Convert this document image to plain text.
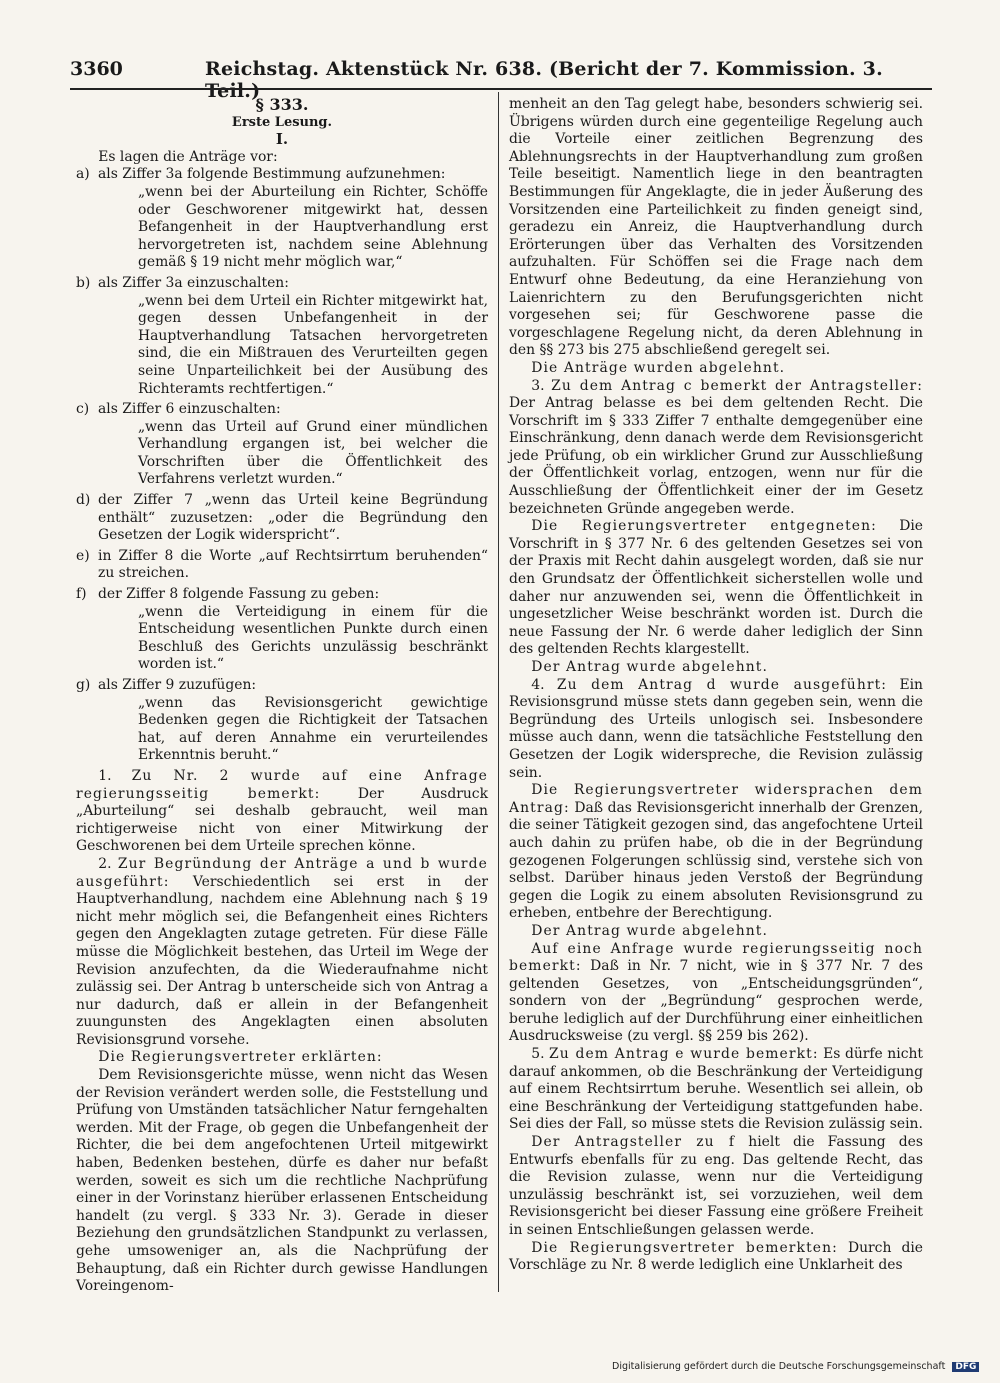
3360	Reichstag. Aktenstück Nr. 638. (Bericht der 7. Kommission. 3. Teil.)

§ 333.

Erste Lesung.

I.

Es lagen die Anträge vor:

a) als Ziffer 3a folgende Bestimmung aufzunehmen:

„wenn bei der Aburteilung ein Richter, Schöffe oder Geschworener mitgewirkt hat, dessen Befangenheit in der Hauptverhandlung erst hervorgetreten ist, nachdem seine Ablehnung gemäß § 19 nicht mehr möglich war,“

b) als Ziffer 3a einzuschalten:

„wenn bei dem Urteil ein Richter mitgewirkt hat, gegen dessen Unbefangenheit in der Hauptverhandlung Tatsachen hervorgetreten sind, die ein Mißtrauen des Verurteilten gegen seine Unparteilichkeit bei der Ausübung des Richteramts rechtfertigen.“

c) als Ziffer 6 einzuschalten:

„wenn das Urteil auf Grund einer mündlichen Verhandlung ergangen ist, bei welcher die Vorschriften über die Öffentlichkeit des Verfahrens verletzt wurden.“

d) der Ziffer 7 „wenn das Urteil keine Begründung enthält“ zuzusetzen: „oder die Begründung den Gesetzen der Logik widerspricht“.

e) in Ziffer 8 die Worte „auf Rechtsirrtum beruhenden“ zu streichen.

f) der Ziffer 8 folgende Fassung zu geben:

„wenn die Verteidigung in einem für die Entscheidung wesentlichen Punkte durch einen Beschluß des Gerichts unzulässig beschränkt worden ist.“

g) als Ziffer 9 zuzufügen:

„wenn das Revisionsgericht gewichtige Bedenken gegen die Richtigkeit der Tatsachen hat, auf deren Annahme ein verurteilendes Erkenntnis beruht.“

1. Zu Nr. 2 wurde auf eine Anfrage regierungsseitig bemerkt:	Der Ausdruck „Aburteilung“ sei deshalb gebraucht, weil man richtigerweise nicht von einer Mitwirkung der Geschworenen bei dem Urteile sprechen könne.

2. Zur Begründung der Anträge a und b wurde ausgeführt: Verschiedentlich sei erst in der Hauptverhandlung, nachdem eine Ablehnung nach § 19 nicht mehr möglich sei, die Befangenheit eines Richters gegen den Angeklagten zutage getreten. Für diese Fälle müsse die Möglichkeit bestehen, das Urteil im Wege der Revision anzufechten, da die Wiederaufnahme nicht zulässig sei. Der Antrag b unterscheide sich von Antrag a nur dadurch, daß er allein in der Befangenheit zuungunsten des Angeklagten einen absoluten Revisionsgrund vorsehe.

Die Regierungsvertreter erklärten:

Dem Revisionsgerichte müsse, wenn nicht das Wesen der Revision verändert werden solle, die Feststellung und Prüfung von Umständen tatsächlicher Natur ferngehalten werden. Mit der Frage, ob gegen die Unbefangenheit der Richter, die bei dem angefochtenen Urteil mitgewirkt haben, Bedenken bestehen, dürfe es daher nur befaßt werden, soweit es sich um die rechtliche Nachprüfung einer in der Vorinstanz hierüber erlassenen Entscheidung handelt (zu vergl. § 333 Nr. 3). Gerade in dieser Beziehung den grundsätzlichen Standpunkt zu verlassen, gehe umsoweniger an, als die Nachprüfung der Behauptung, daß ein Richter durch gewisse Handlungen Voreingenom-

menheit an den Tag gelegt habe, besonders schwierig sei. Übrigens würden durch eine gegenteilige Regelung auch die Vorteile einer zeitlichen Begrenzung des Ablehnungsrechts in der Hauptverhandlung zum großen Teile beseitigt. Namentlich liege in den beantragten Bestimmungen für Angeklagte, die in jeder Äußerung des Vorsitzenden eine Parteilichkeit zu finden geneigt sind, geradezu ein Anreiz, die Hauptverhandlung durch Erörterungen über das Verhalten des Vorsitzenden aufzuhalten. Für Schöffen sei die Frage nach dem Entwurf ohne Bedeutung, da eine Heranziehung von Laienrichtern zu den Berufungsgerichten nicht vorgesehen sei; für Geschworene passe die vorgeschlagene Regelung nicht, da deren Ablehnung in den §§ 273 bis 275 abschließend geregelt sei.

Die Anträge wurden abgelehnt.

3. Zu dem Antrag c bemerkt der Antragsteller: Der Antrag belasse es bei dem geltenden Recht. Die Vorschrift im § 333 Ziffer 7 enthalte demgegenüber eine Einschränkung, denn danach werde dem Revisionsgericht jede Prüfung, ob ein wirklicher Grund zur Ausschließung der Öffentlichkeit vorlag, entzogen, wenn nur für die Ausschließung der Öffentlichkeit einer der im Gesetz bezeichneten Gründe angegeben werde.

Die Regierungsvertreter entgegneten: Die Vorschrift in § 377 Nr. 6 des geltenden Gesetzes sei von der Praxis mit Recht dahin ausgelegt worden, daß sie nur den Grundsatz der Öffentlichkeit sicherstellen wolle und daher nur anzuwenden sei, wenn die Öffentlichkeit in ungesetzlicher Weise beschränkt worden ist. Durch die neue Fassung der Nr. 6 werde daher lediglich der Sinn des geltenden Rechts klargestellt.

Der Antrag wurde abgelehnt.

4. Zu dem Antrag d wurde ausgeführt: Ein Revisionsgrund müsse stets dann gegeben sein, wenn die Begründung des Urteils unlogisch sei. Insbesondere müsse auch dann, wenn die tatsächliche Feststellung den Gesetzen der Logik widerspreche, die Revision zulässig sein.

Die Regierungsvertreter widersprachen dem Antrag: Daß das Revisionsgericht innerhalb der Grenzen, die seiner Tätigkeit gezogen sind, das angefochtene Urteil auch dahin zu prüfen habe, ob die in der Begründung gezogenen Folgerungen schlüssig sind, verstehe sich von selbst. Darüber hinaus jeden Verstoß der Begründung gegen die Logik zu einem absoluten Revisionsgrund zu erheben, entbehre der Berechtigung.

Der Antrag wurde abgelehnt.

Auf eine Anfrage wurde regierungsseitig noch bemerkt: Daß in Nr. 7 nicht, wie in § 377 Nr. 7 des geltenden Gesetzes, von „Entscheidungsgründen“, sondern von der „Begründung“ gesprochen werde, beruhe lediglich auf der Durchführung einer einheitlichen Ausdrucksweise (zu vergl. §§ 259 bis 262).

5. Zu dem Antrag e wurde bemerkt: Es dürfe nicht darauf ankommen, ob die Beschränkung der Verteidigung auf einem Rechtsirrtum beruhe. Wesentlich sei allein, ob eine Beschränkung der Verteidigung stattgefunden habe. Sei dies der Fall, so müsse stets die Revision zulässig sein.

Der Antragsteller zu f hielt die Fassung des Entwurfs ebenfalls für zu eng. Das geltende Recht, das die Revision zulasse, wenn nur die Verteidigung unzulässig beschränkt ist, sei vorzuziehen, weil dem Revisionsgericht bei dieser Fassung eine größere Freiheit in seinen Entschließungen gelassen werde.

Die Regierungsvertreter bemerkten: Durch die Vorschläge zu Nr. 8 werde lediglich eine Unklarheit des

Digitalisierung gefördert durch die Deutsche Forschungsgemeinschaft DFG
